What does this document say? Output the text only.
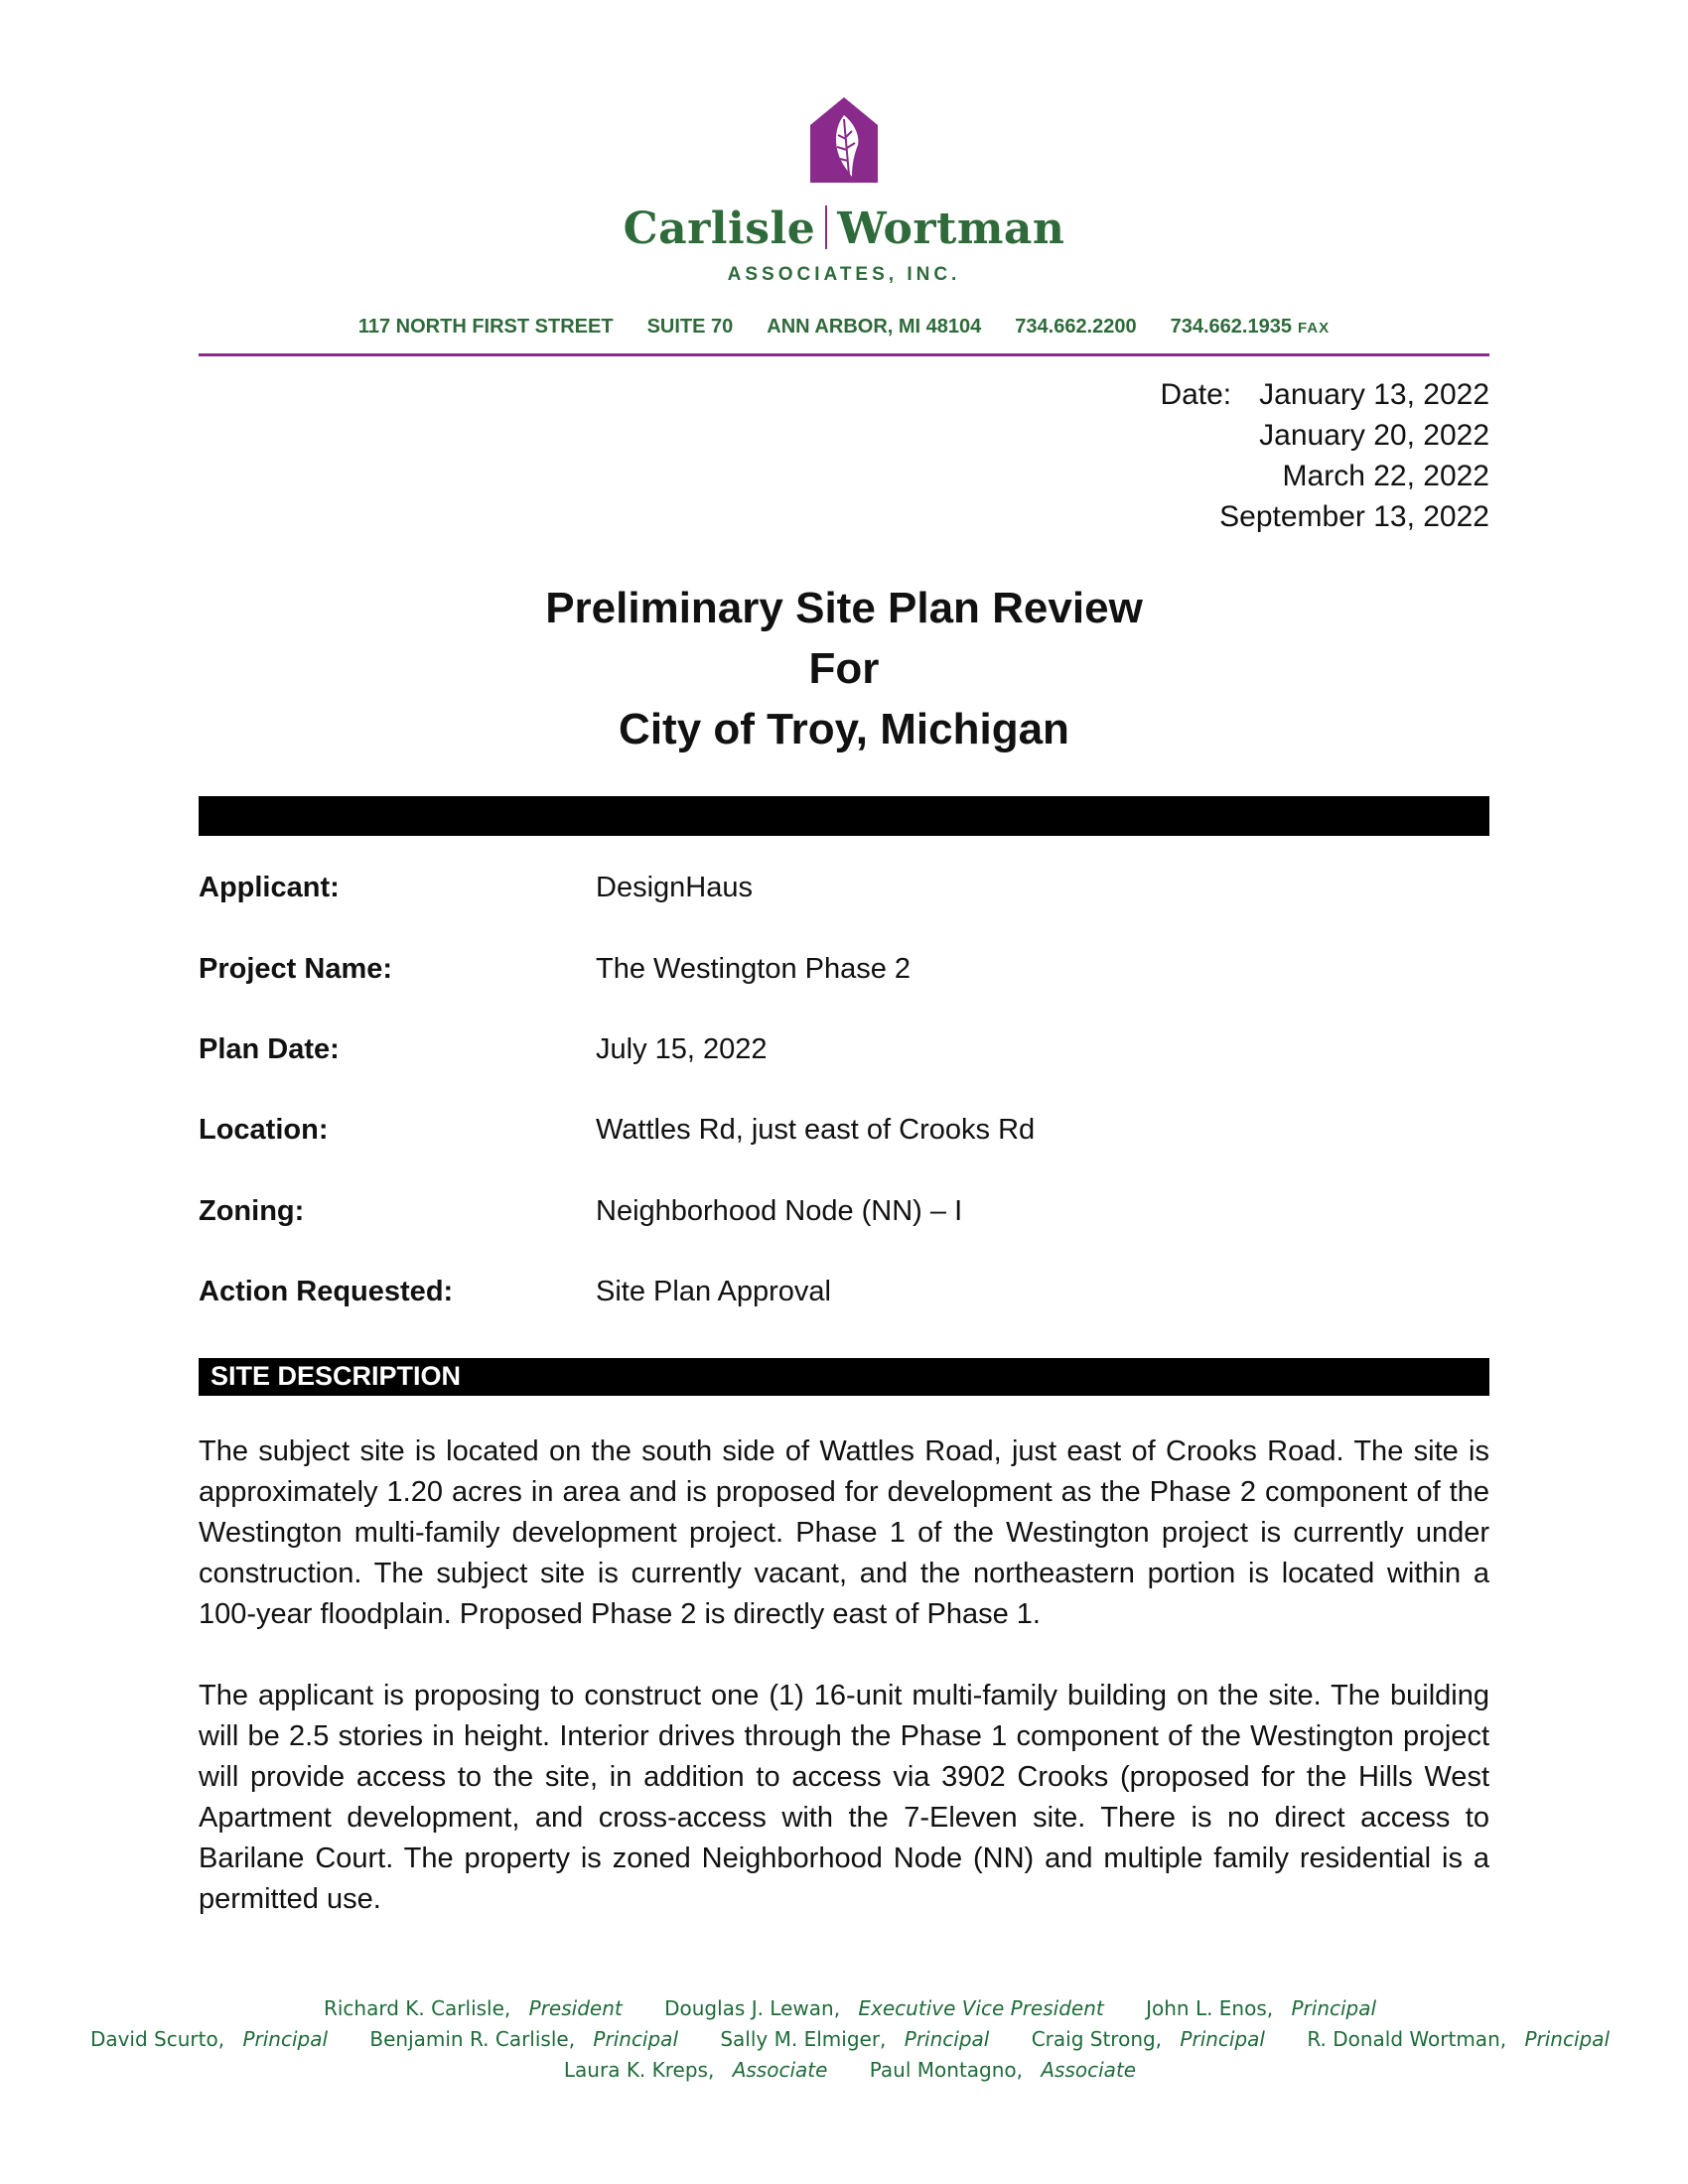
Carlisle Wortman
ASSOCIATES, INC.
117 NORTH FIRST STREET SUITE 70 ANN ARBOR, MI 48104 734.662.2200 734.662.1935 FAX
Date: January 13, 2022
January 20, 2022
March 22, 2022
September 13, 2022
Preliminary Site Plan Review
For
City of Troy, Michigan
Applicant:	DesignHaus
Project Name:	The Westington Phase 2
Plan Date:	July 15, 2022
Location:	Wattles Rd, just east of Crooks Rd
Zoning:	Neighborhood Node (NN) – I
Action Requested:	Site Plan Approval
SITE DESCRIPTION
The subject site is located on the south side of Wattles Road, just east of Crooks Road. The site is approximately 1.20 acres in area and is proposed for development as the Phase 2 component of the Westington multi-family development project. Phase 1 of the Westington project is currently under construction. The subject site is currently vacant, and the northeastern portion is located within a 100-year floodplain. Proposed Phase 2 is directly east of Phase 1.
The applicant is proposing to construct one (1) 16-unit multi-family building on the site. The building will be 2.5 stories in height. Interior drives through the Phase 1 component of the Westington project will provide access to the site, in addition to access via 3902 Crooks (proposed for the Hills West Apartment development, and cross-access with the 7-Eleven site. There is no direct access to Barilane Court. The property is zoned Neighborhood Node (NN) and multiple family residential is a permitted use.
Richard K. Carlisle, President Douglas J. Lewan, Executive Vice President John L. Enos, Principal
David Scurto, Principal Benjamin R. Carlisle, Principal Sally M. Elmiger, Principal Craig Strong, Principal R. Donald Wortman, Principal
Laura K. Kreps, Associate Paul Montagno, Associate
